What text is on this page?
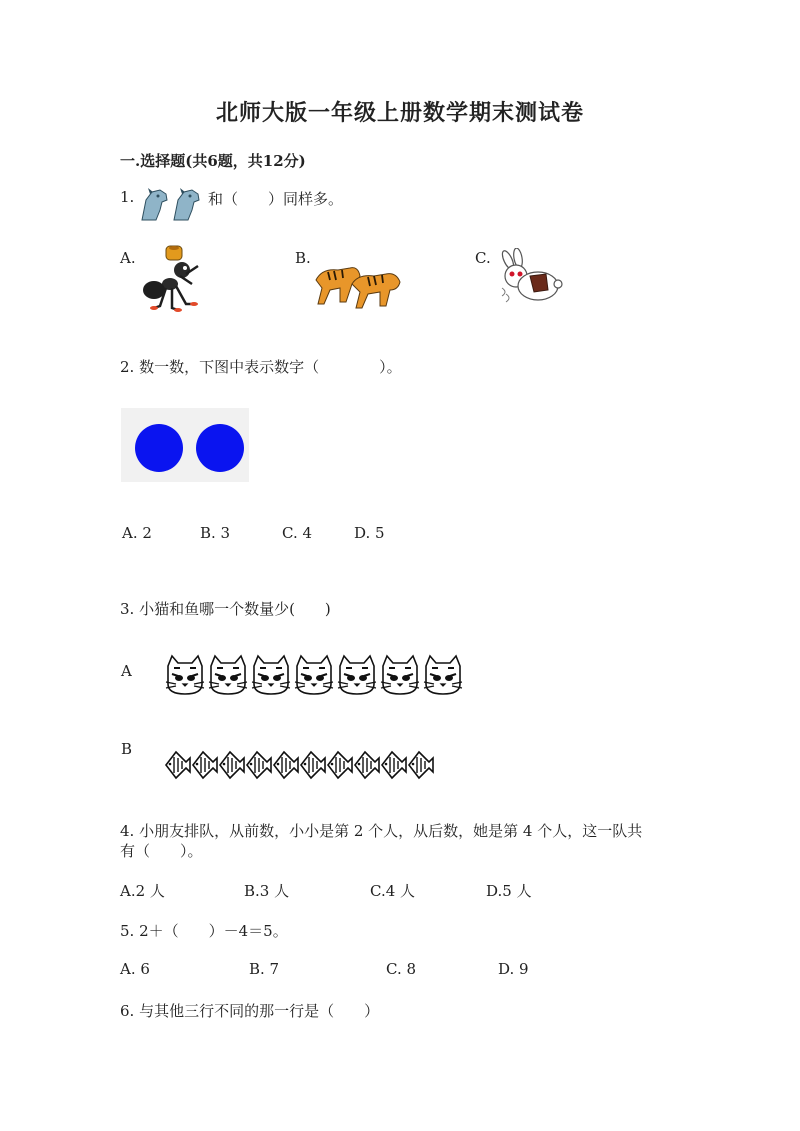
北师大版一年级上册数学期末测试卷
一.选择题(共6题，共12分)
1.	和（　　）同样多。
A.	B.	C.
2. 数一数，下图中表示数字（　　　　）。
A. 2	B. 3	C. 4	D. 5
3. 小猫和鱼哪一个数量少(　　)
A
B
4. 小朋友排队，从前数，小小是第 2 个人，从后数，她是第 4 个人，这一队共
有（　　）。
A.2 人	B.3 人	C.4 人	D.5 人
5. 2＋（　　）－4＝5。
A. 6	B. 7	C. 8	D. 9
6. 与其他三行不同的那一行是（　　）
